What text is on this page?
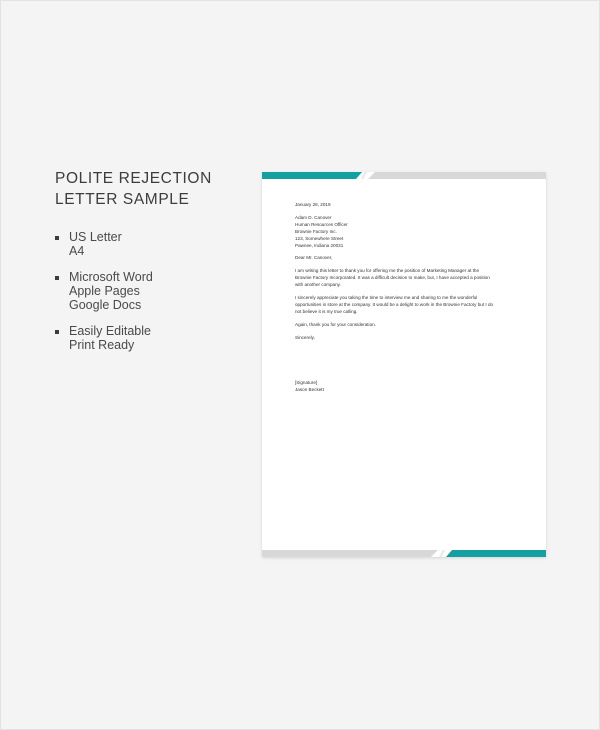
POLITE REJECTION
LETTER SAMPLE
US Letter
A4
Microsoft Word
Apple Pages
Google Docs
Easily Editable
Print Ready
January 28, 2019
Adam D. Canover
Human Resources Officer
Brownie Factory Inc.
123, Somewhere Street
Pawnee, Indiana 20031
Dear Mr. Canover,
I am writing this letter to thank you for offering me the position of Marketing Manager at the
Brownie Factory Incorporated. It was a difficult decision to make, but, I have accepted a position
with another company.
I sincerely appreciate you taking the time to interview me and sharing to me the wonderful
opportunities in store at the company. It would be a delight to work in the Brownie Factory but I do
not believe it is my true calling.
Again, thank you for your consideration.
Sincerely,
[Signature]
Jason Beckett
